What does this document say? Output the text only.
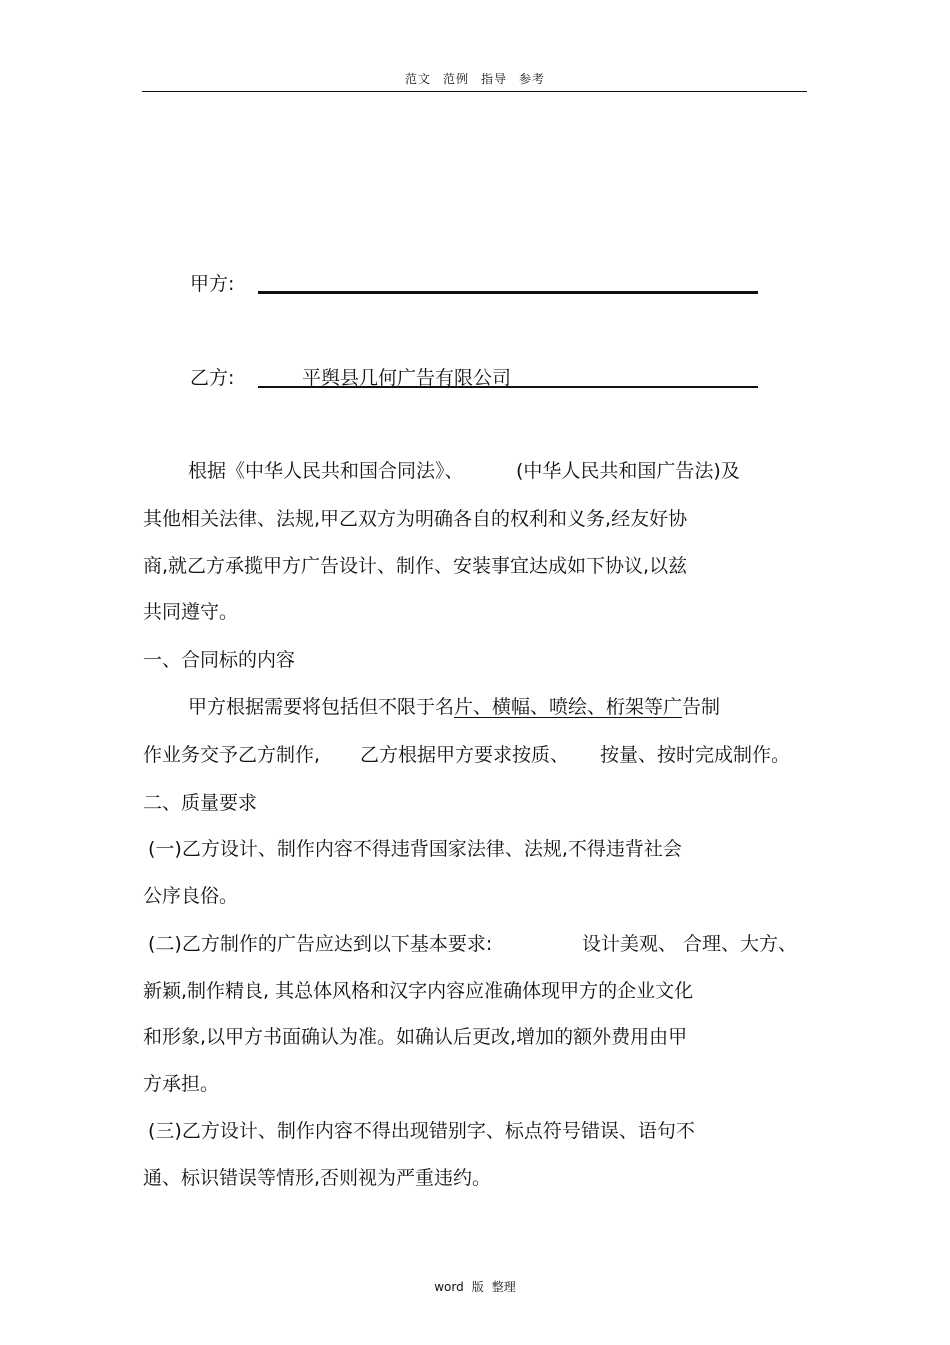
范文 范例 指导 参考
甲方:
乙方:	平舆县几何广告有限公司
根据《中华人民共和国合同法》、	(中华人民共和国广告法)及
其他相关法律、法规,甲乙双方为明确各自的权利和义务,经友好协
商,就乙方承揽甲方广告设计、制作、安装事宜达成如下协议,以兹
共同遵守。
一、合同标的内容
甲方根据需要将包括但不限于名片、横幅、喷绘、桁架等广告制
作业务交予乙方制作, 乙方根据甲方要求按质、 按量、按时完成制作。
二、质量要求
(一)乙方设计、制作内容不得违背国家法律、法规,不得违背社会
公序良俗。
(二)乙方制作的广告应达到以下基本要求:	设计美观、 合理、大方、
新颖,制作精良, 其总体风格和汉字内容应准确体现甲方的企业文化
和形象,以甲方书面确认为准。如确认后更改,增加的额外费用由甲
方承担。
(三)乙方设计、制作内容不得出现错别字、标点符号错误、语句不
通、标识错误等情形,否则视为严重违约。
word 版 整理
